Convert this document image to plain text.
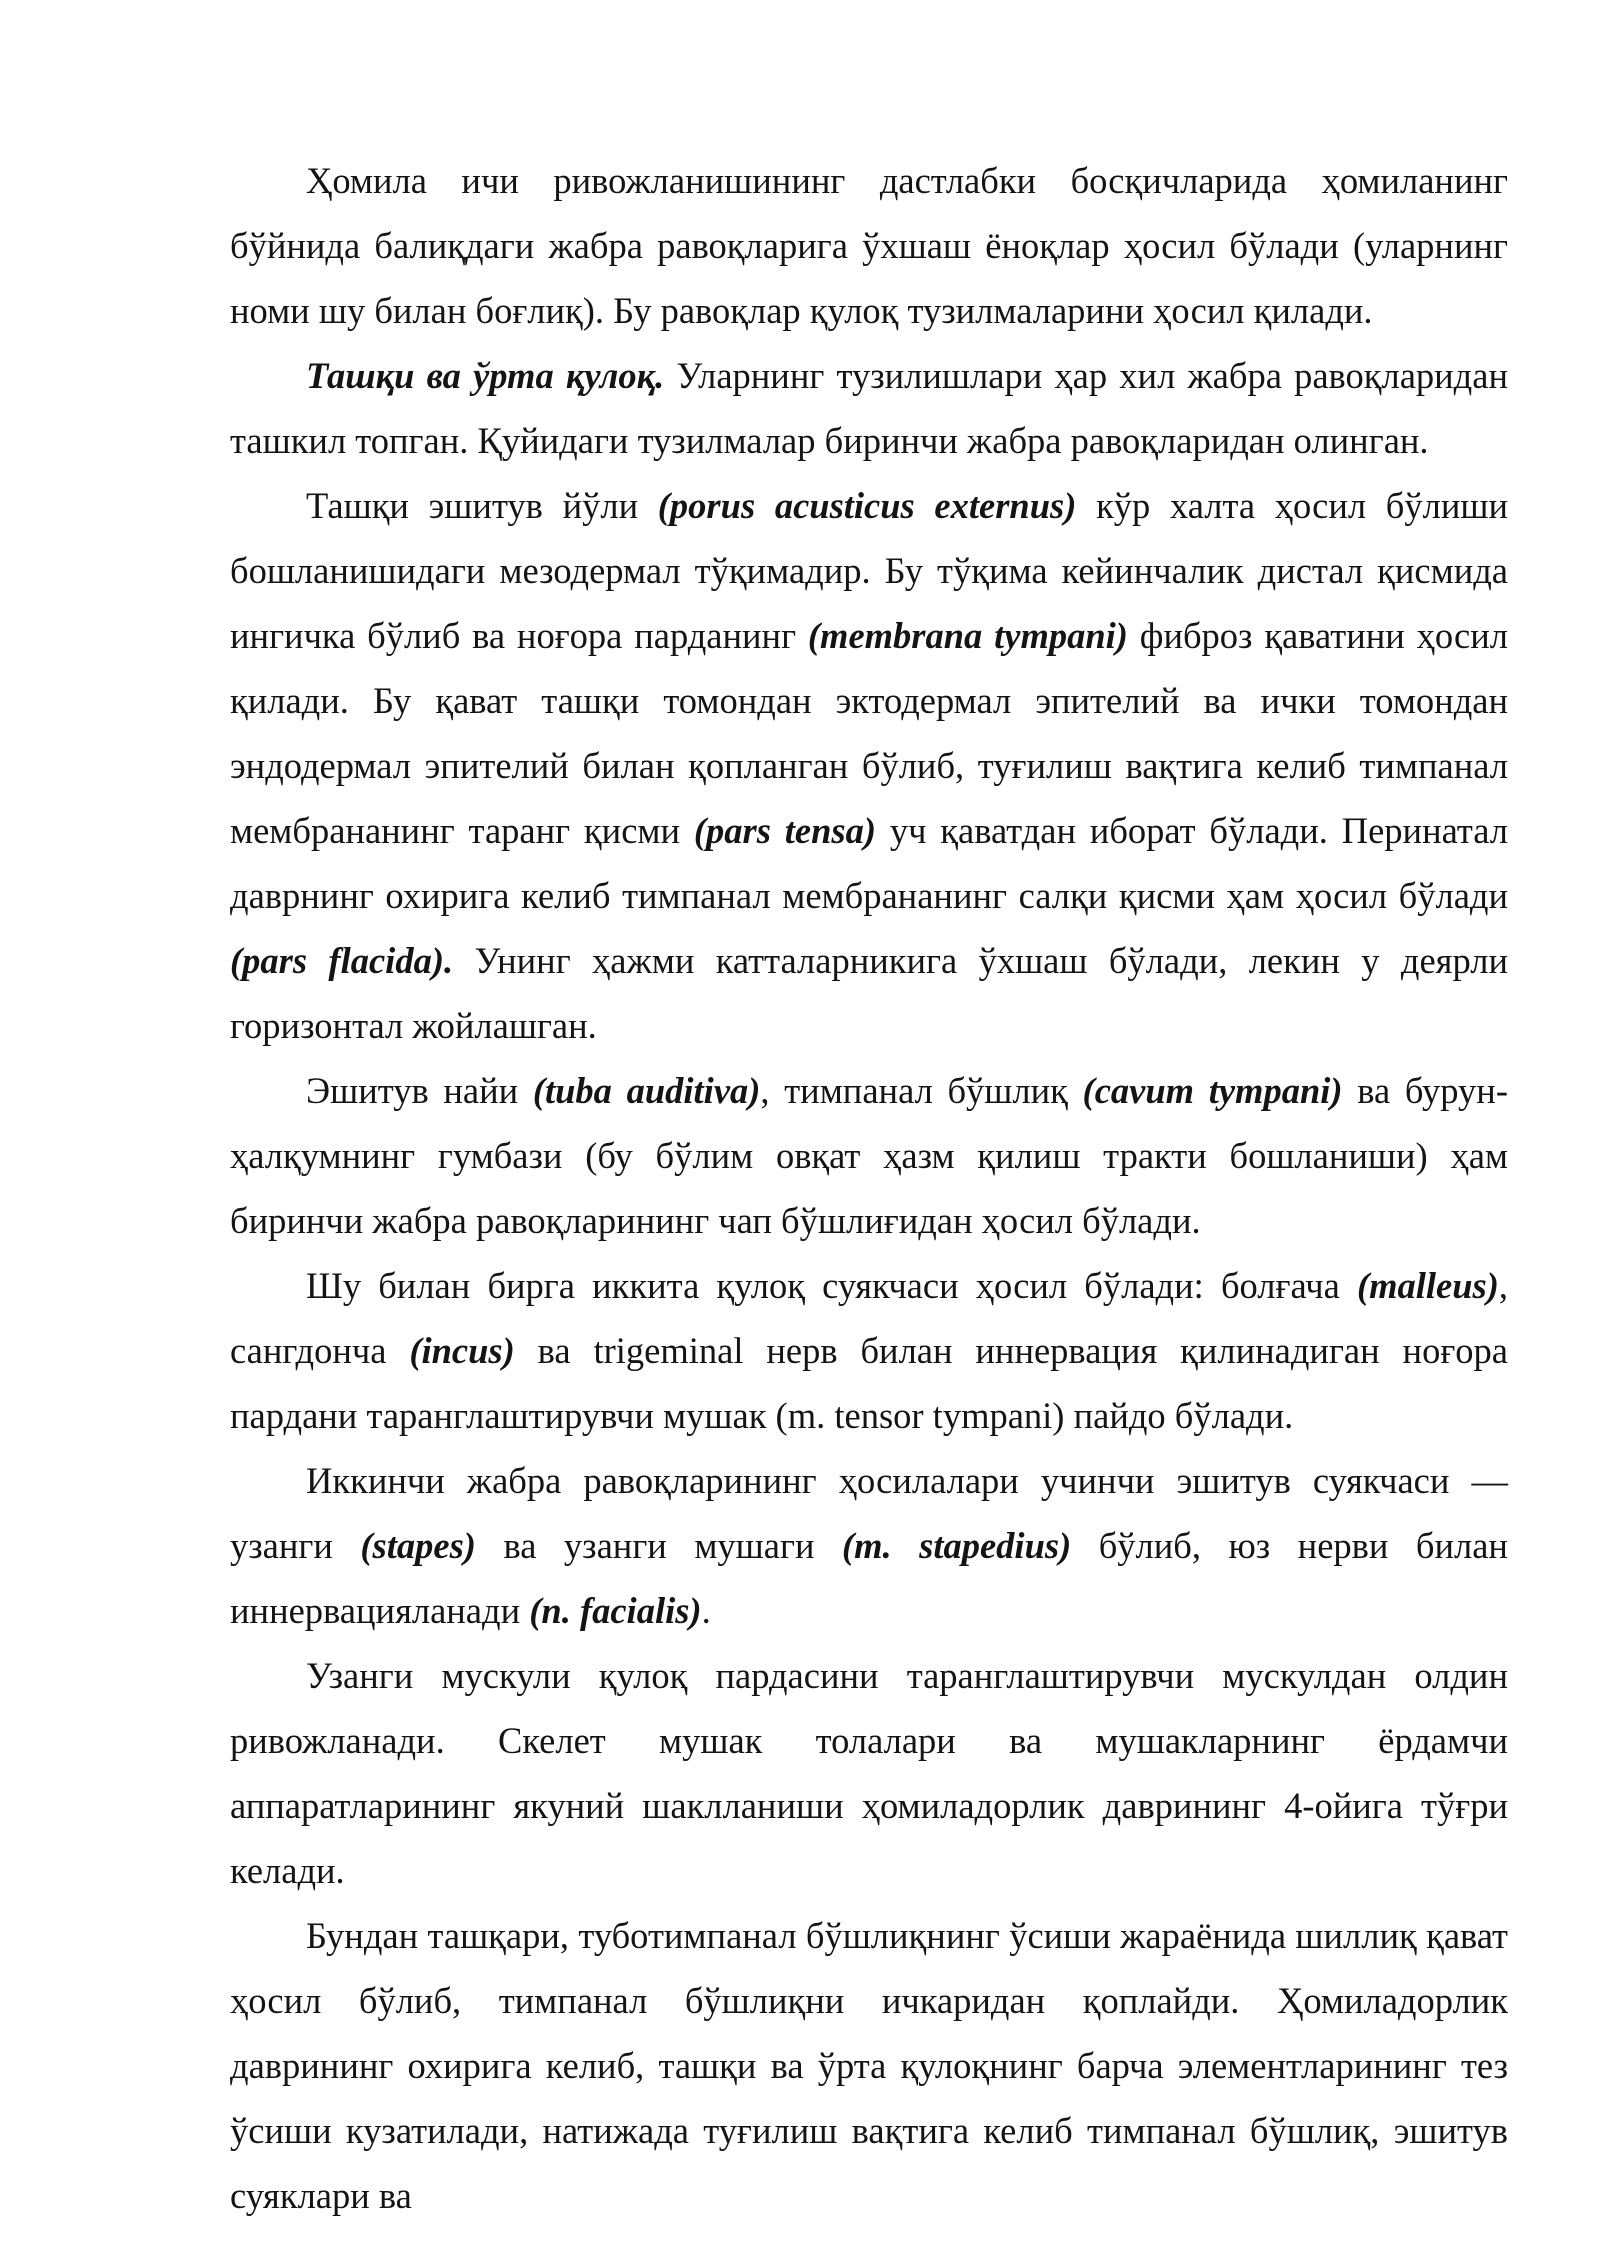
Ҳомила ичи ривожланишининг дастлабки босқичларида ҳомиланинг бўйнида балиқдаги жабра равоқларига ўхшаш ёноқлар ҳосил бўлади (уларнинг номи шу билан боғлиқ). Бу равоқлар қулоқ тузилмаларини ҳосил қилади.

Ташқи ва ўрта қулоқ. Уларнинг тузилишлари ҳар хил жабра равоқларидан ташкил топган. Қуйидаги тузилмалар биринчи жабра равоқларидан олинган.

Ташқи эшитув йўли (porus acusticus externus) кўр халта ҳосил бўлиши бошланишидаги мезодермал тўқимадир. Бу тўқима кейинчалик дистал қисмида ингичка бўлиб ва ноғора парданинг (membrana tympani) фиброз қаватини ҳосил қилади. Бу қават ташқи томондан эктодермал эпителий ва ички томондан эндодермал эпителий билан қопланган бўлиб, туғилиш вақтига келиб тимпанал мембрананинг таранг қисми (pars tensa) уч қаватдан иборат бўлади. Перинатал даврнинг охирига келиб тимпанал мембрананинг салқи қисми ҳам ҳосил бўлади (pars flacida). Унинг ҳажми катталарникига ўхшаш бўлади, лекин у деярли горизонтал жойлашган.

Эшитув найи (tuba auditiva), тимпанал бўшлиқ (cavum tympani) ва бурун-ҳалқумнинг гумбази (бу бўлим овқат ҳазм қилиш тракти бошланиши) ҳам биринчи жабра равоқларининг чап бўшлиғидан ҳосил бўлади.

Шу билан бирга иккита қулоқ суякчаси ҳосил бўлади: болғача (malleus), сангдонча (incus) ва trigeminal нерв билан иннервация қилинадиган ноғора пардани таранглаштирувчи мушак (m. tensor tympani) пайдо бўлади.

Иккинчи жабра равоқларининг ҳосилалари учинчи эшитув суякчаси — узанги (stapes) ва узанги мушаги (m. stapedius) бўлиб, юз нерви билан иннервацияланади (n. facialis).

Узанги мускули қулоқ пардасини таранглаштирувчи мускулдан олдин ривожланади. Скелет мушак толалари ва мушакларнинг ёрдамчи аппаратларининг якуний шаклланиши ҳомиладорлик даврининг 4-ойига тўғри келади.

Бундан ташқари, туботимпанал бўшлиқнинг ўсиши жараёнида шиллиқ қават ҳосил бўлиб, тимпанал бўшлиқни ичкаридан қоплайди. Ҳомиладорлик даврининг охирига келиб, ташқи ва ўрта қулоқнинг барча элементларининг тез ўсиши кузатилади, натижада туғилиш вақтига келиб тимпанал бўшлиқ, эшитув суяклари ва
